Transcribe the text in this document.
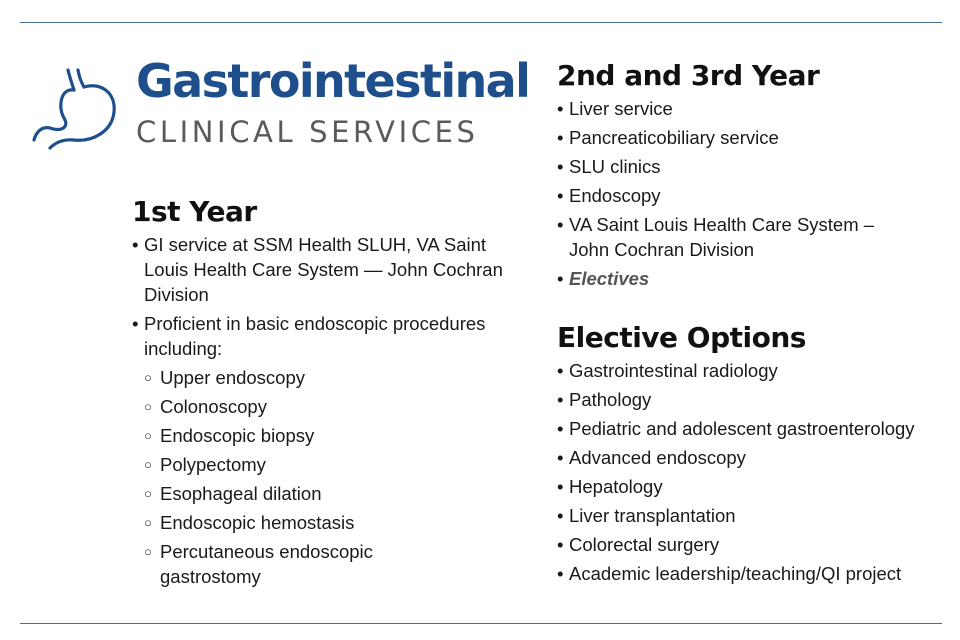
Gastrointestinal
CLINICAL SERVICES
1st Year
• GI service at SSM Health SLUH, VA Saint Louis Health Care System — John Cochran Division
• Proficient in basic endoscopic procedures including:
○ Upper endoscopy
○ Colonoscopy
○ Endoscopic biopsy
○ Polypectomy
○ Esophageal dilation
○ Endoscopic hemostasis
○ Percutaneous endoscopic gastrostomy
2nd and 3rd Year
• Liver service
• Pancreaticobiliary service
• SLU clinics
• Endoscopy
• VA Saint Louis Health Care System – John Cochran Division
• Electives
Elective Options
• Gastrointestinal radiology
• Pathology
• Pediatric and adolescent gastroenterology
• Advanced endoscopy
• Hepatology
• Liver transplantation
• Colorectal surgery
• Academic leadership/teaching/QI project
